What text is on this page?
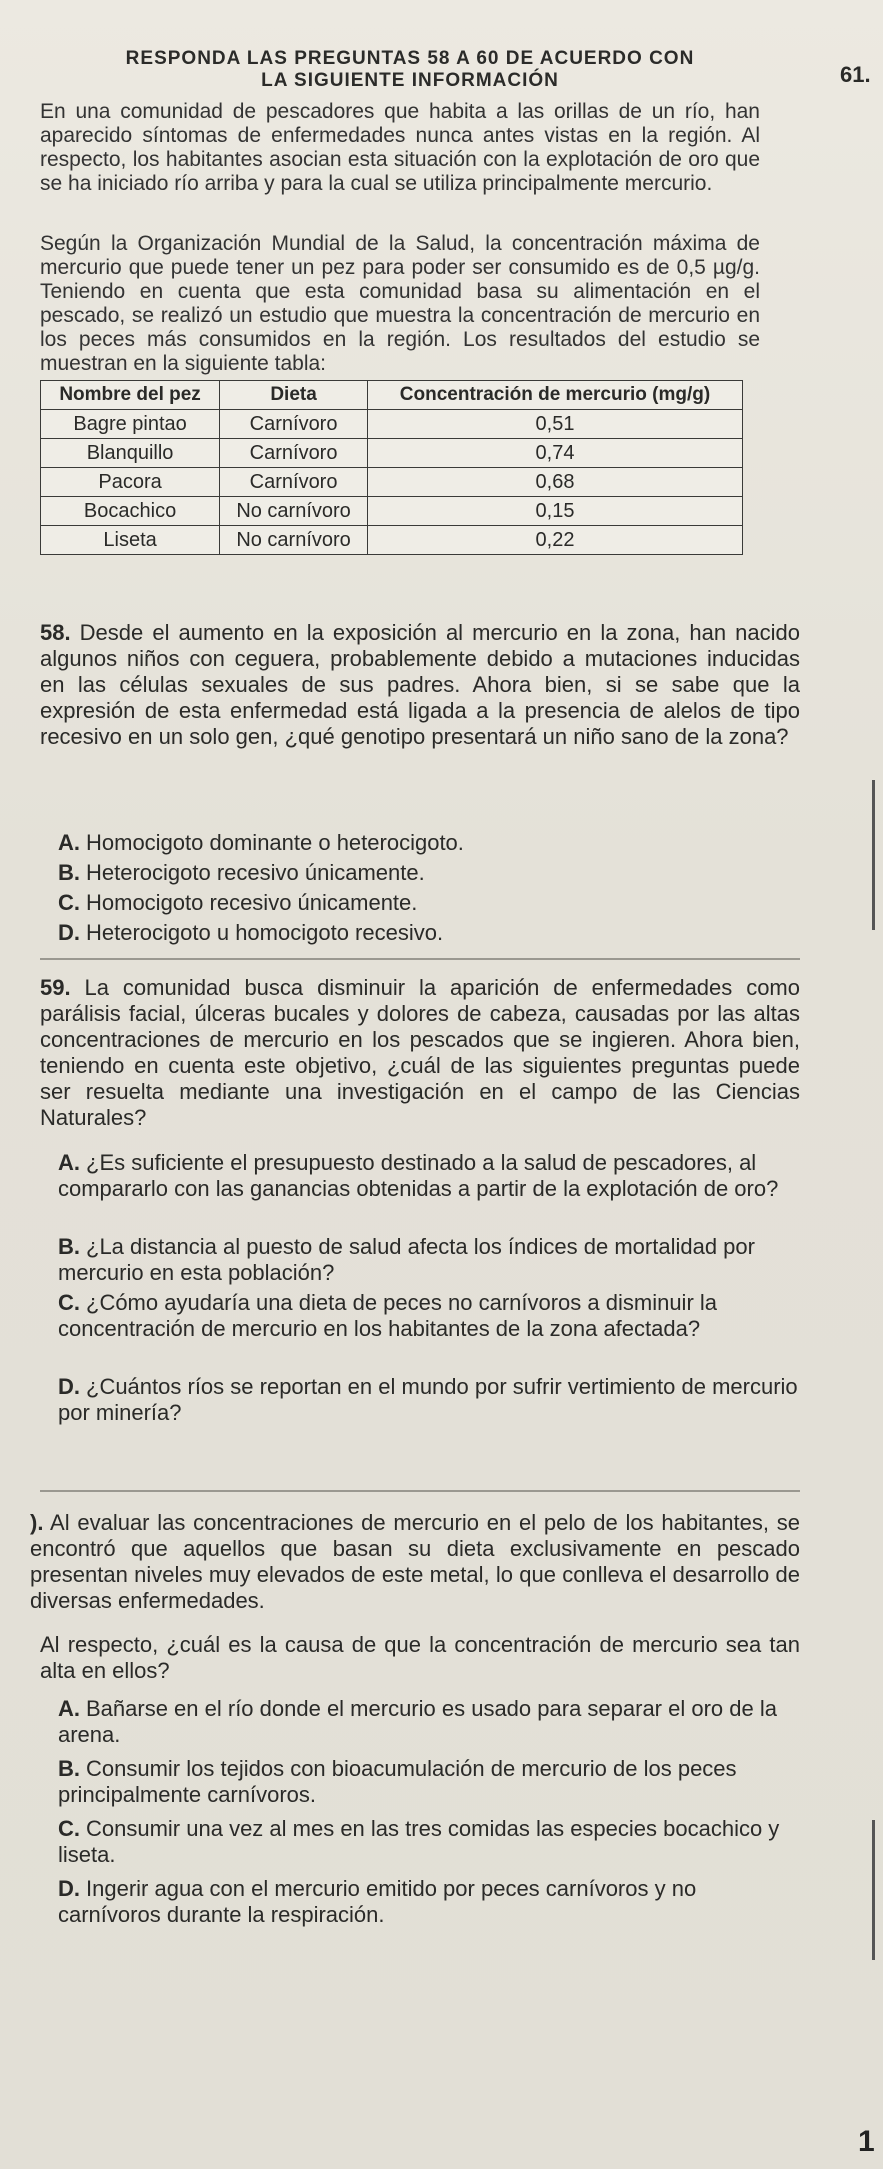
RESPONDA LAS PREGUNTAS 58 A 60 DE ACUERDO CON
LA SIGUIENTE INFORMACIÓN	61.
En una comunidad de pescadores que habita a las orillas de un río, han aparecido síntomas de enfermedades nunca antes vistas en la región. Al respecto, los habitantes asocian esta situación con la explotación de oro que se ha iniciado río arriba y para la cual se utiliza principalmente mercurio.
Según la Organización Mundial de la Salud, la concentración máxima de mercurio que puede tener un pez para poder ser consumido es de 0,5 µg/g. Teniendo en cuenta que esta comunidad basa su alimentación en el pescado, se realizó un estudio que muestra la concentración de mercurio en los peces más consumidos en la región. Los resultados del estudio se muestran en la siguiente tabla:
Nombre del pez	Dieta	Concentración de mercurio (mg/g)
Bagre pintao	Carnívoro	0,51
Blanquillo	Carnívoro	0,74
Pacora	Carnívoro	0,68
Bocachico	No carnívoro	0,15
Liseta	No carnívoro	0,22
58. Desde el aumento en la exposición al mercurio en la zona, han nacido algunos niños con ceguera, probablemente debido a mutaciones inducidas en las células sexuales de sus padres. Ahora bien, si se sabe que la expresión de esta enfermedad está ligada a la presencia de alelos de tipo recesivo en un solo gen, ¿qué genotipo presentará un niño sano de la zona?
A. Homocigoto dominante o heterocigoto.
B. Heterocigoto recesivo únicamente.
C. Homocigoto recesivo únicamente.
D. Heterocigoto u homocigoto recesivo.
59. La comunidad busca disminuir la aparición de enfermedades como parálisis facial, úlceras bucales y dolores de cabeza, causadas por las altas concentraciones de mercurio en los pescados que se ingieren. Ahora bien, teniendo en cuenta este objetivo, ¿cuál de las siguientes preguntas puede ser resuelta mediante una investigación en el campo de las Ciencias Naturales?
A. ¿Es suficiente el presupuesto destinado a la salud de pescadores, al compararlo con las ganancias obtenidas a partir de la explotación de oro?
B. ¿La distancia al puesto de salud afecta los índices de mortalidad por mercurio en esta población?
C. ¿Cómo ayudaría una dieta de peces no carnívoros a disminuir la concentración de mercurio en los habitantes de la zona afectada?
D. ¿Cuántos ríos se reportan en el mundo por sufrir vertimiento de mercurio por minería?
). Al evaluar las concentraciones de mercurio en el pelo de los habitantes, se encontró que aquellos que basan su dieta exclusivamente en pescado presentan niveles muy elevados de este metal, lo que conlleva el desarrollo de diversas enfermedades.
Al respecto, ¿cuál es la causa de que la concentración de mercurio sea tan alta en ellos?
A. Bañarse en el río donde el mercurio es usado para separar el oro de la arena.
B. Consumir los tejidos con bioacumulación de mercurio de los peces principalmente carnívoros.
C. Consumir una vez al mes en las tres comidas las especies bocachico y liseta.
D. Ingerir agua con el mercurio emitido por peces carnívoros y no carnívoros durante la respiración.
1
